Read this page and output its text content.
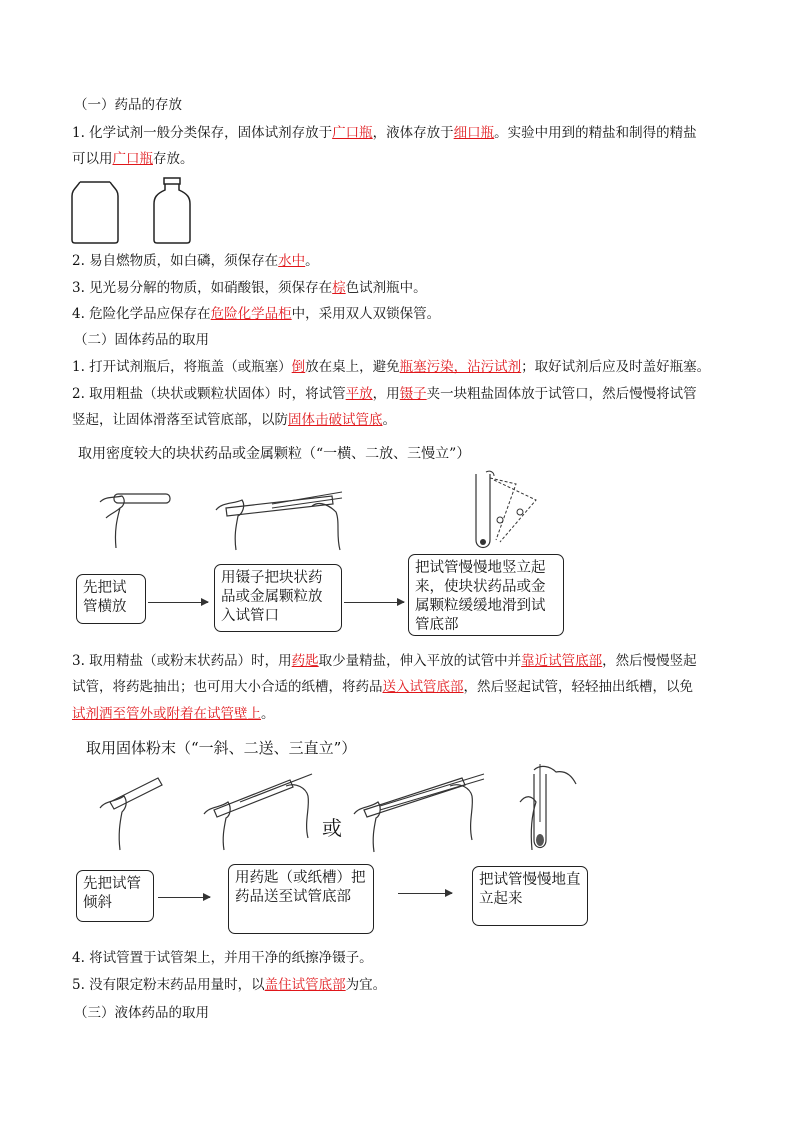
（一）药品的存放
1. 化学试剂一般分类保存，固体试剂存放于广口瓶，液体存放于细口瓶。实验中用到的精盐和制得的精盐
可以用广口瓶存放。
2. 易自燃物质，如白磷，须保存在水中。
3. 见光易分解的物质，如硝酸银，须保存在棕色试剂瓶中。
4. 危险化学品应保存在危险化学品柜中，采用双人双锁保管。
（二）固体药品的取用
1. 打开试剂瓶后，将瓶盖（或瓶塞）倒放在桌上，避免瓶塞污染，沾污试剂；取好试剂后应及时盖好瓶塞。
2. 取用粗盐（块状或颗粒状固体）时，将试管平放，用镊子夹一块粗盐固体放于试管口，然后慢慢将试管
竖起，让固体滑落至试管底部，以防固体击破试管底。
取用密度较大的块状药品或金属颗粒（“一横、二放、三慢立”）
先把试管横放
用镊子把块状药品或金属颗粒放入试管口
把试管慢慢地竖立起来，使块状药品或金属颗粒缓缓地滑到试管底部
3. 取用精盐（或粉末状药品）时，用药匙取少量精盐，伸入平放的试管中并靠近试管底部，然后慢慢竖起
试管，将药匙抽出；也可用大小合适的纸槽，将药品送入试管底部，然后竖起试管，轻轻抽出纸槽，以免
试剂洒至管外或附着在试管壁上。
取用固体粉末（“一斜、二送、三直立”）
或
先把试管倾斜
用药匙（或纸槽）把药品送至试管底部
把试管慢慢地直立起来
4. 将试管置于试管架上，并用干净的纸擦净镊子。
5. 没有限定粉末药品用量时，以盖住试管底部为宜。
（三）液体药品的取用
